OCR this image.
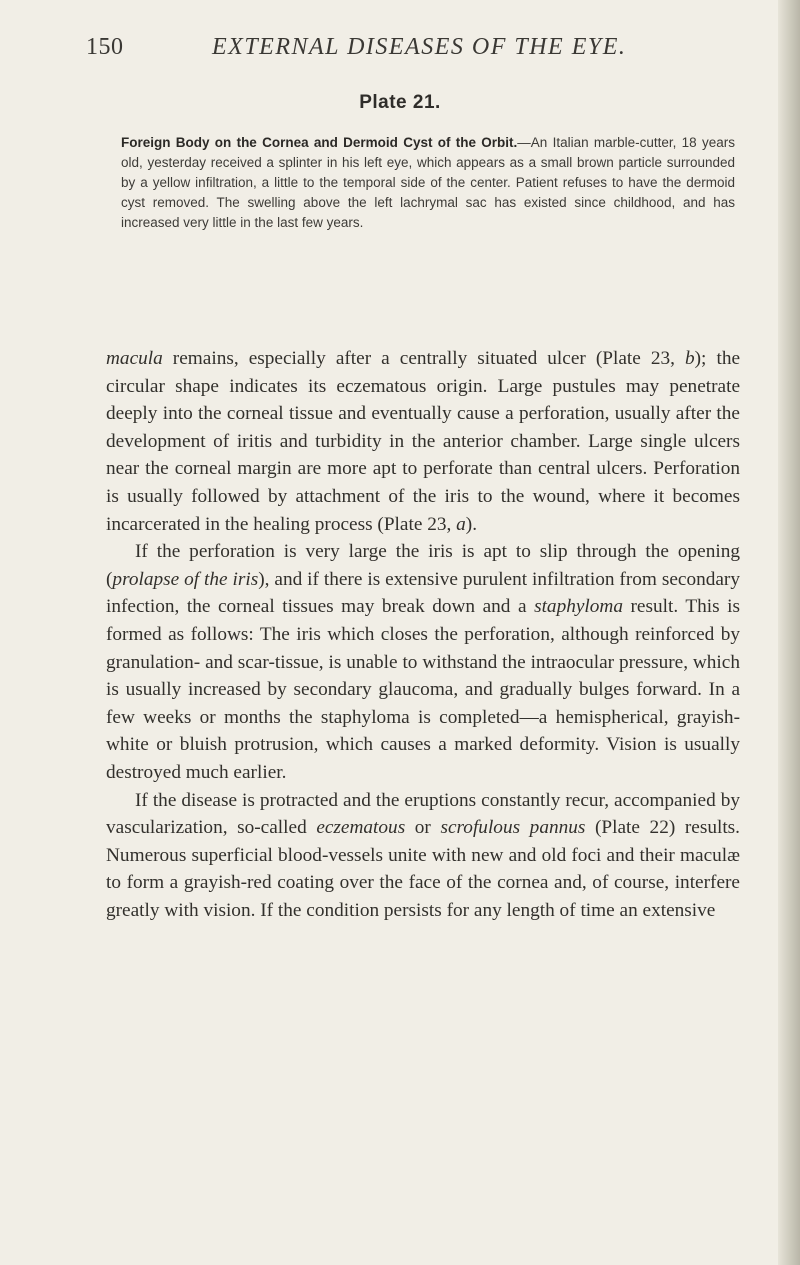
150	EXTERNAL DISEASES OF THE EYE.
Plate 21.
Foreign Body on the Cornea and Dermoid Cyst of the Orbit.—An Italian marble-cutter, 18 years old, yesterday received a splinter in his left eye, which appears as a small brown particle surrounded by a yellow infiltration, a little to the temporal side of the center. Patient refuses to have the dermoid cyst removed. The swelling above the left lachrymal sac has existed since childhood, and has increased very little in the last few years.

macula remains, especially after a centrally situated ulcer (Plate 23, b); the circular shape indicates its eczematous origin. Large pustules may penetrate deeply into the corneal tissue and eventually cause a perforation, usually after the development of iritis and turbidity in the anterior chamber. Large single ulcers near the corneal margin are more apt to perforate than central ulcers. Perforation is usually followed by attachment of the iris to the wound, where it becomes incarcerated in the healing process (Plate 23, a).

If the perforation is very large the iris is apt to slip through the opening (prolapse of the iris), and if there is extensive purulent infiltration from secondary infection, the corneal tissues may break down and a staphyloma result. This is formed as follows: The iris which closes the perforation, although reinforced by granulation- and scar-tissue, is unable to withstand the intraocular pressure, which is usually increased by secondary glaucoma, and gradually bulges forward. In a few weeks or months the staphyloma is completed—a hemispherical, grayish-white or bluish protrusion, which causes a marked deformity. Vision is usually destroyed much earlier.

If the disease is protracted and the eruptions constantly recur, accompanied by vascularization, so-called eczematous or scrofulous pannus (Plate 22) results. Numerous superficial blood-vessels unite with new and old foci and their maculæ to form a grayish-red coating over the face of the cornea and, of course, interfere greatly with vision. If the condition persists for any length of time an extensive
